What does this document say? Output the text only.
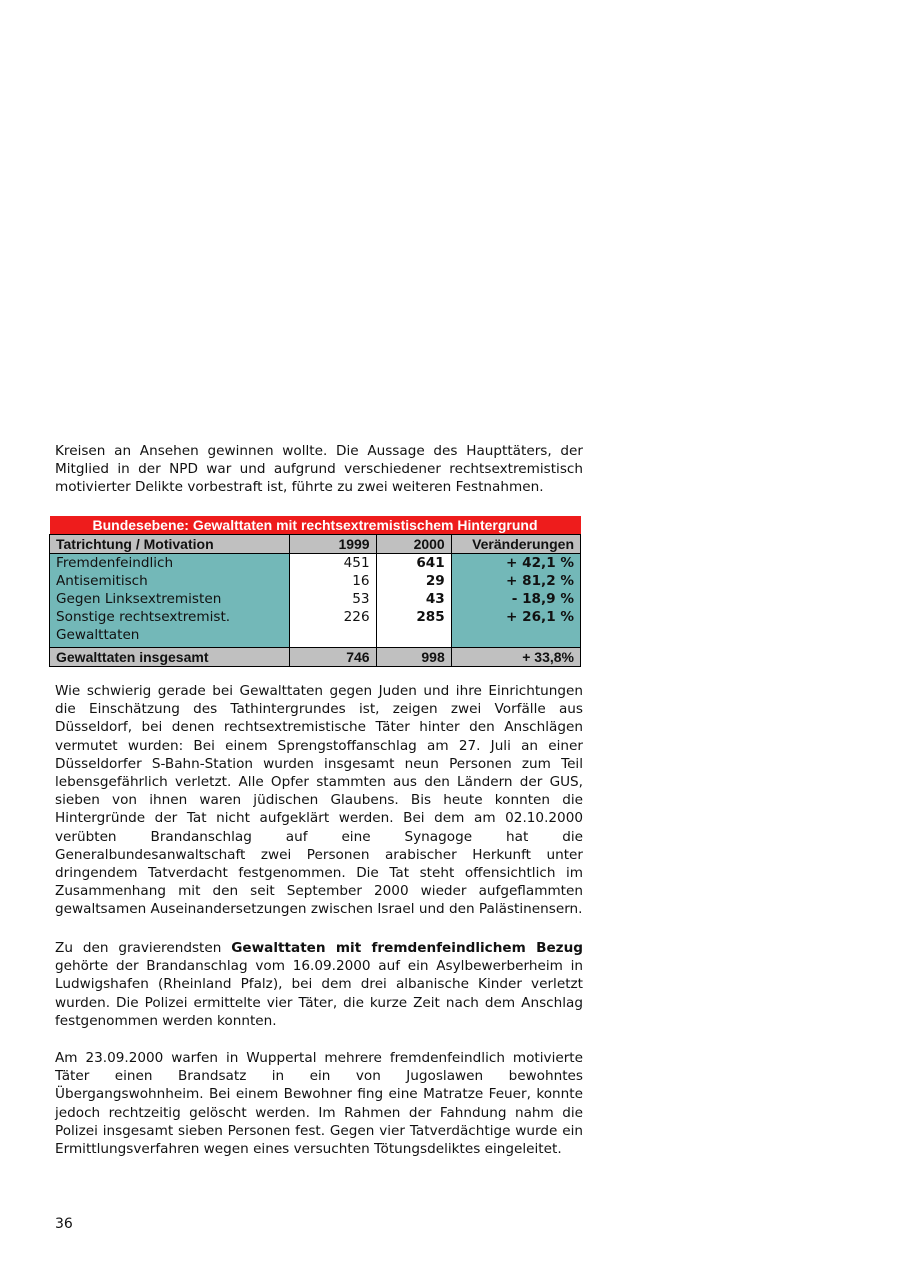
Kreisen an Ansehen gewinnen wollte. Die Aussage des Haupttäters, der Mitglied in der NPD war und aufgrund verschiedener rechtsextremistisch motivierter Delikte vorbestraft ist, führte zu zwei weiteren Festnahmen.

Bundesebene: Gewalttaten mit rechtsextremistischem Hintergrund			
Tatrichtung / Motivation	1999	2000	Veränderungen
Fremdenfeindlich	451	641	+ 42,1 %
Antisemitisch	16	29	+ 81,2 %
Gegen Linksextremisten	53	43	- 18,9 %
Sonstige rechtsextremist. Gewalttaten	226	285	+ 26,1 %

Gewalttaten insgesamt	746	998	+ 33,8%

Wie schwierig gerade bei Gewalttaten gegen Juden und ihre Einrichtungen die Einschätzung des Tathintergrundes ist, zeigen zwei Vorfälle aus Düsseldorf, bei denen rechtsextremistische Täter hinter den Anschlägen vermutet wurden: Bei einem Sprengstoffanschlag am 27. Juli an einer Düsseldorfer S-Bahn-Station wurden insgesamt neun Personen zum Teil lebensgefährlich verletzt. Alle Opfer stammten aus den Ländern der GUS, sieben von ihnen waren jüdischen Glaubens. Bis heute konnten die Hintergründe der Tat nicht aufgeklärt werden. Bei dem am 02.10.2000 verübten Brandanschlag auf eine Synagoge hat die Generalbundesanwaltschaft zwei Personen arabischer Herkunft unter dringendem Tatverdacht festgenommen. Die Tat steht offensichtlich im Zusammenhang mit den seit September 2000 wieder aufgeflammten gewaltsamen Auseinandersetzungen zwischen Israel und den Palästinensern.

Zu den gravierendsten Gewalttaten mit fremdenfeindlichem Bezug gehörte der Brandanschlag vom 16.09.2000 auf ein Asylbewerberheim in Ludwigshafen (Rheinland Pfalz), bei dem drei albanische Kinder verletzt wurden. Die Polizei ermittelte vier Täter, die kurze Zeit nach dem Anschlag festgenommen werden konnten.

Am 23.09.2000 warfen in Wuppertal mehrere fremdenfeindlich motivierte Täter einen Brandsatz in ein von Jugoslawen bewohntes Übergangswohnheim. Bei einem Bewohner fing eine Matratze Feuer, konnte jedoch rechtzeitig gelöscht werden. Im Rahmen der Fahndung nahm die Polizei insgesamt sieben Personen fest. Gegen vier Tatverdächtige wurde ein Ermittlungsverfahren wegen eines versuchten Tötungsdeliktes eingeleitet.

36
